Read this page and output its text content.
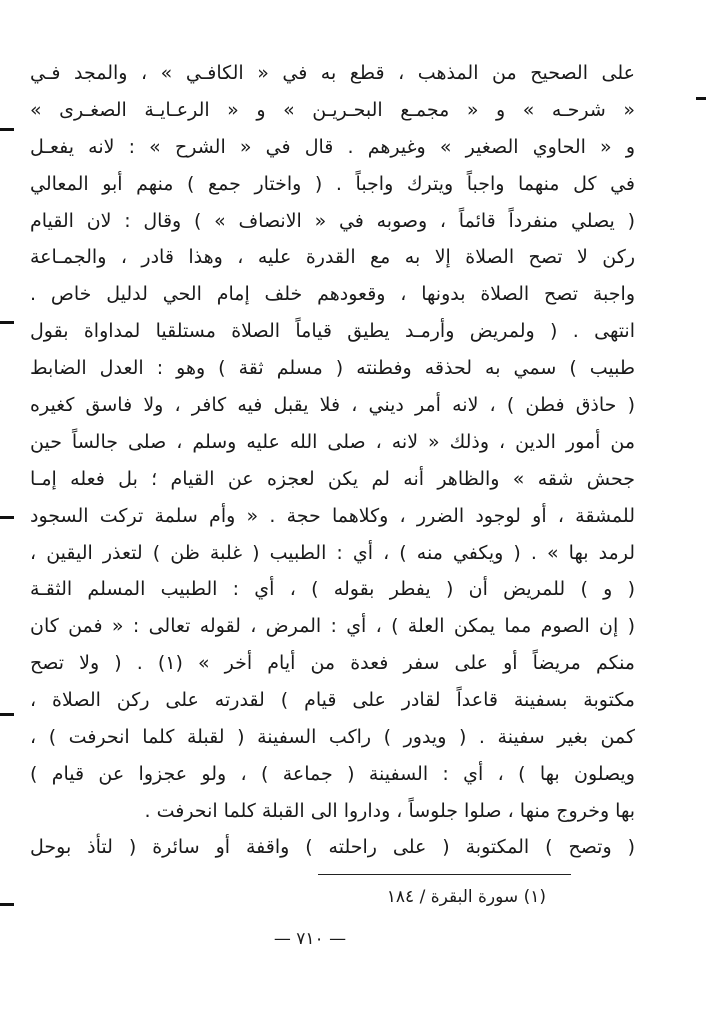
على الصحيح من المذهب ، قطع به في « الكافـي » ، والمجد فـي
« شرحـه » و « مجمـع البحـريـن » و « الرعـايـة الصغـرى »
و « الحاوي الصغير » وغيرهم . قال في « الشرح » : لانه يفعـل
في كل منهما واجباً ويترك واجباً . ( واختار جمع ) منهم أبو المعالي
( يصلي منفرداً قائماً ، وصوبه في « الانصاف » ) وقال : لان القيام
ركن لا تصح الصلاة إلا به مع القدرة عليه ، وهذا قادر ، والجمـاعة
واجبة تصح الصلاة بدونها ، وقعودهم خلف إمام الحي لدليل خاص .
انتهى . ( ولمريض وأرمـد يطيق قياماً الصلاة مستلقيا لمداواة بقول
طبيب ) سمي به لحذقه وفطنته ( مسلم ثقة ) وهو : العدل الضابط
( حاذق فطن ) ، لانه أمر ديني ، فلا يقبل فيه كافر ، ولا فاسق كغيره
من أمور الدين ، وذلك « لانه ، صلى الله عليه وسلم ، صلى جالساً حين
جحش شقه » والظاهر أنه لم يكن لعجزه عن القيام ؛ بل فعله إمـا
للمشقة ، أو لوجود الضرر ، وكلاهما حجة . « وأم سلمة تركت السجود
لرمد بها » . ( ويكفي منه ) ، أي : الطبيب ( غلبة ظن ) لتعذر اليقين ،
( و ) للمريض أن ( يفطر بقوله ) ، أي : الطبيب المسلم الثقـة
( إن الصوم مما يمكن العلة ) ، أي : المرض ، لقوله تعالى : « فمن كان
منكم مريضاً أو على سفر فعدة من أيام أخر » (١) . ( ولا تصح
مكتوبة بسفينة قاعداً لقادر على قيام ) لقدرته على ركن الصلاة ،
كمن بغير سفينة . ( ويدور ) راكب السفينة ( لقبلة كلما انحرفت ) ،
ويصلون بها ) ، أي : السفينة ( جماعة ) ، ولو عجزوا عن قيام )
بها وخروج منها ، صلوا جلوساً ، وداروا الى القبلة كلما انحرفت .
( وتصح ) المكتوبة ( على راحلته ) واقفة أو سائرة ( لتأذ بوحل
(١) سورة البقرة / ١٨٤
— ٧١٠ —
